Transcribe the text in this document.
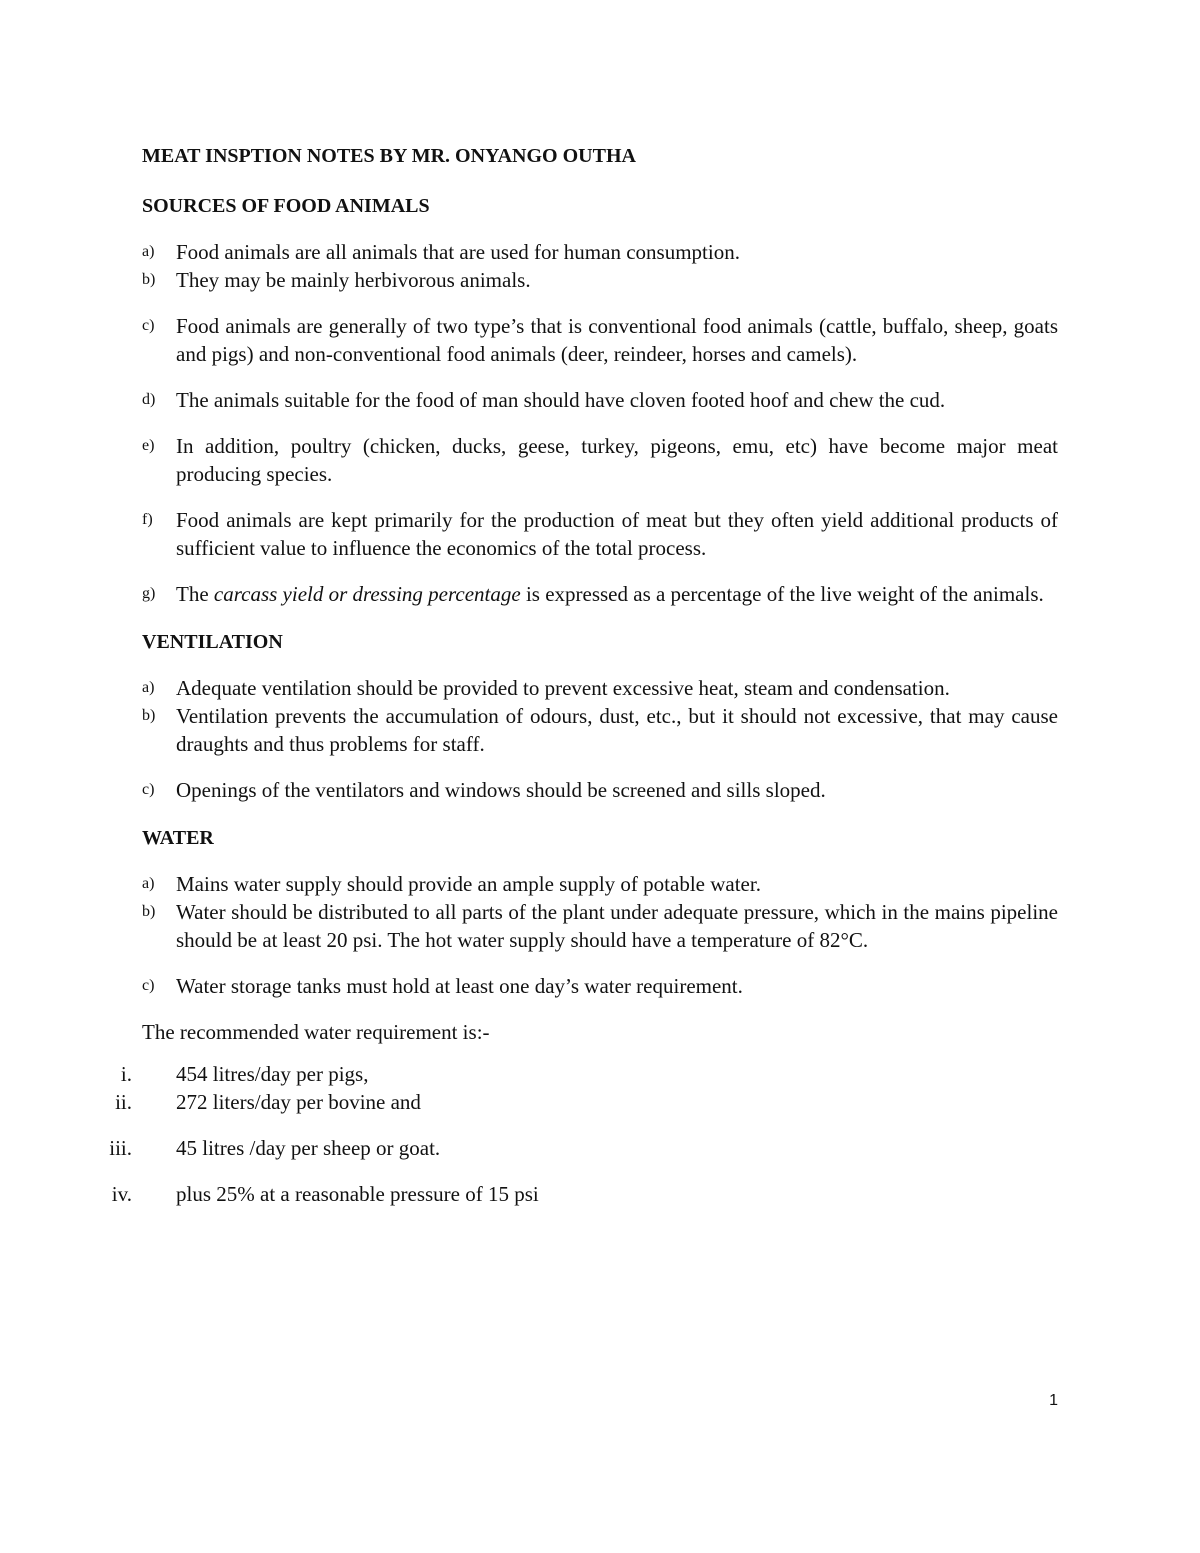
MEAT INSPTION NOTES BY MR. ONYANGO OUTHA
SOURCES OF FOOD ANIMALS
a) Food animals are all animals that are used for human consumption.
b) They may be mainly herbivorous animals.
c) Food animals are generally of two type’s that is conventional food animals (cattle, buffalo, sheep, goats and pigs) and non-conventional food animals (deer, reindeer, horses and camels).
d) The animals suitable for the food of man should have cloven footed hoof and chew the cud.
e) In addition, poultry (chicken, ducks, geese, turkey, pigeons, emu, etc) have become major meat producing species.
f) Food animals are kept primarily for the production of meat but they often yield additional products of sufficient value to influence the economics of the total process.
g) The carcass yield or dressing percentage is expressed as a percentage of the live weight of the animals.
VENTILATION
a) Adequate ventilation should be provided to prevent excessive heat, steam and condensation.
b) Ventilation prevents the accumulation of odours, dust, etc., but it should not excessive, that may cause draughts and thus problems for staff.
c) Openings of the ventilators and windows should be screened and sills sloped.
WATER
a) Mains water supply should provide an ample supply of potable water.
b) Water should be distributed to all parts of the plant under adequate pressure, which in the mains pipeline should be at least 20 psi. The hot water supply should have a temperature of 82°C.
c) Water storage tanks must hold at least one day’s water requirement.

The recommended water requirement is:-

i. 454 litres/day per pigs,
ii. 272 liters/day per bovine and
iii. 45 litres /day per sheep or goat.
iv. plus 25% at a reasonable pressure of 15 psi
1
